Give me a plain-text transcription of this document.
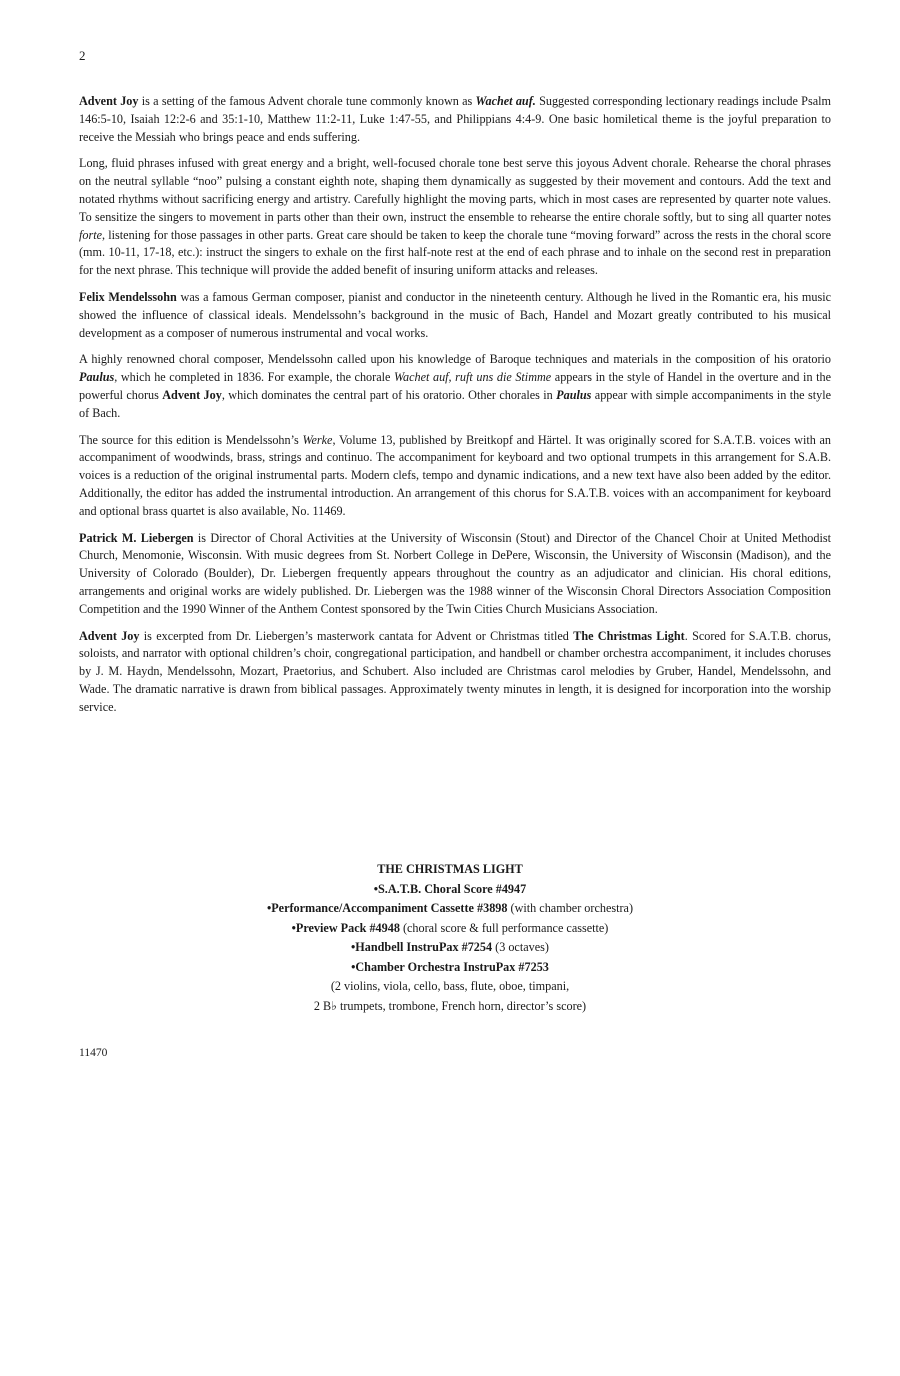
2

Advent Joy is a setting of the famous Advent chorale tune commonly known as Wachet auf. Suggested corresponding lectionary readings include Psalm 146:5-10, Isaiah 12:2-6 and 35:1-10, Matthew 11:2-11, Luke 1:47-55, and Philippians 4:4-9. One basic homiletical theme is the joyful preparation to receive the Messiah who brings peace and ends suffering.

Long, fluid phrases infused with great energy and a bright, well-focused chorale tone best serve this joyous Advent chorale. Rehearse the choral phrases on the neutral syllable “noo” pulsing a constant eighth note, shaping them dynamically as suggested by their movement and contours. Add the text and notated rhythms without sacrificing energy and artistry. Carefully highlight the moving parts, which in most cases are represented by quarter note values. To sensitize the singers to movement in parts other than their own, instruct the ensemble to rehearse the entire chorale softly, but to sing all quarter notes forte, listening for those passages in other parts. Great care should be taken to keep the chorale tune “moving forward” across the rests in the choral score (mm. 10-11, 17-18, etc.): instruct the singers to exhale on the first half-note rest at the end of each phrase and to inhale on the second rest in preparation for the next phrase. This technique will provide the added benefit of insuring uniform attacks and releases.

Felix Mendelssohn was a famous German composer, pianist and conductor in the nineteenth century. Although he lived in the Romantic era, his music showed the influence of classical ideals. Mendelssohn’s background in the music of Bach, Handel and Mozart greatly contributed to his musical development as a composer of numerous instrumental and vocal works.

A highly renowned choral composer, Mendelssohn called upon his knowledge of Baroque techniques and materials in the composition of his oratorio Paulus, which he completed in 1836. For example, the chorale Wachet auf, ruft uns die Stimme appears in the style of Handel in the overture and in the powerful chorus Advent Joy, which dominates the central part of his oratorio. Other chorales in Paulus appear with simple accompaniments in the style of Bach.

The source for this edition is Mendelssohn’s Werke, Volume 13, published by Breitkopf and Härtel. It was originally scored for S.A.T.B. voices with an accompaniment of woodwinds, brass, strings and continuo. The accompaniment for keyboard and two optional trumpets in this arrangement for S.A.B. voices is a reduction of the original instrumental parts. Modern clefs, tempo and dynamic indications, and a new text have also been added by the editor. Additionally, the editor has added the instrumental introduction. An arrangement of this chorus for S.A.T.B. voices with an accompaniment for keyboard and optional brass quartet is also available, No. 11469.

Patrick M. Liebergen is Director of Choral Activities at the University of Wisconsin (Stout) and Director of the Chancel Choir at United Methodist Church, Menomonie, Wisconsin. With music degrees from St. Norbert College in DePere, Wisconsin, the University of Wisconsin (Madison), and the University of Colorado (Boulder), Dr. Liebergen frequently appears throughout the country as an adjudicator and clinician. His choral editions, arrangements and original works are widely published. Dr. Liebergen was the 1988 winner of the Wisconsin Choral Directors Association Composition Competition and the 1990 Winner of the Anthem Contest sponsored by the Twin Cities Church Musicians Association.

Advent Joy is excerpted from Dr. Liebergen’s masterwork cantata for Advent or Christmas titled The Christmas Light. Scored for S.A.T.B. chorus, soloists, and narrator with optional children’s choir, congregational participation, and handbell or chamber orchestra accompaniment, it includes choruses by J. M. Haydn, Mendelssohn, Mozart, Praetorius, and Schubert. Also included are Christmas carol melodies by Gruber, Handel, Mendelssohn, and Wade. The dramatic narrative is drawn from biblical passages. Approximately twenty minutes in length, it is designed for incorporation into the worship service.

THE CHRISTMAS LIGHT
•S.A.T.B. Choral Score #4947
•Performance/Accompaniment Cassette #3898 (with chamber orchestra)
•Preview Pack #4948 (choral score & full performance cassette)
•Handbell InstruPax #7254 (3 octaves)
•Chamber Orchestra InstruPax #7253
(2 violins, viola, cello, bass, flute, oboe, timpani,
2 B♭ trumpets, trombone, French horn, director’s score)
11470
